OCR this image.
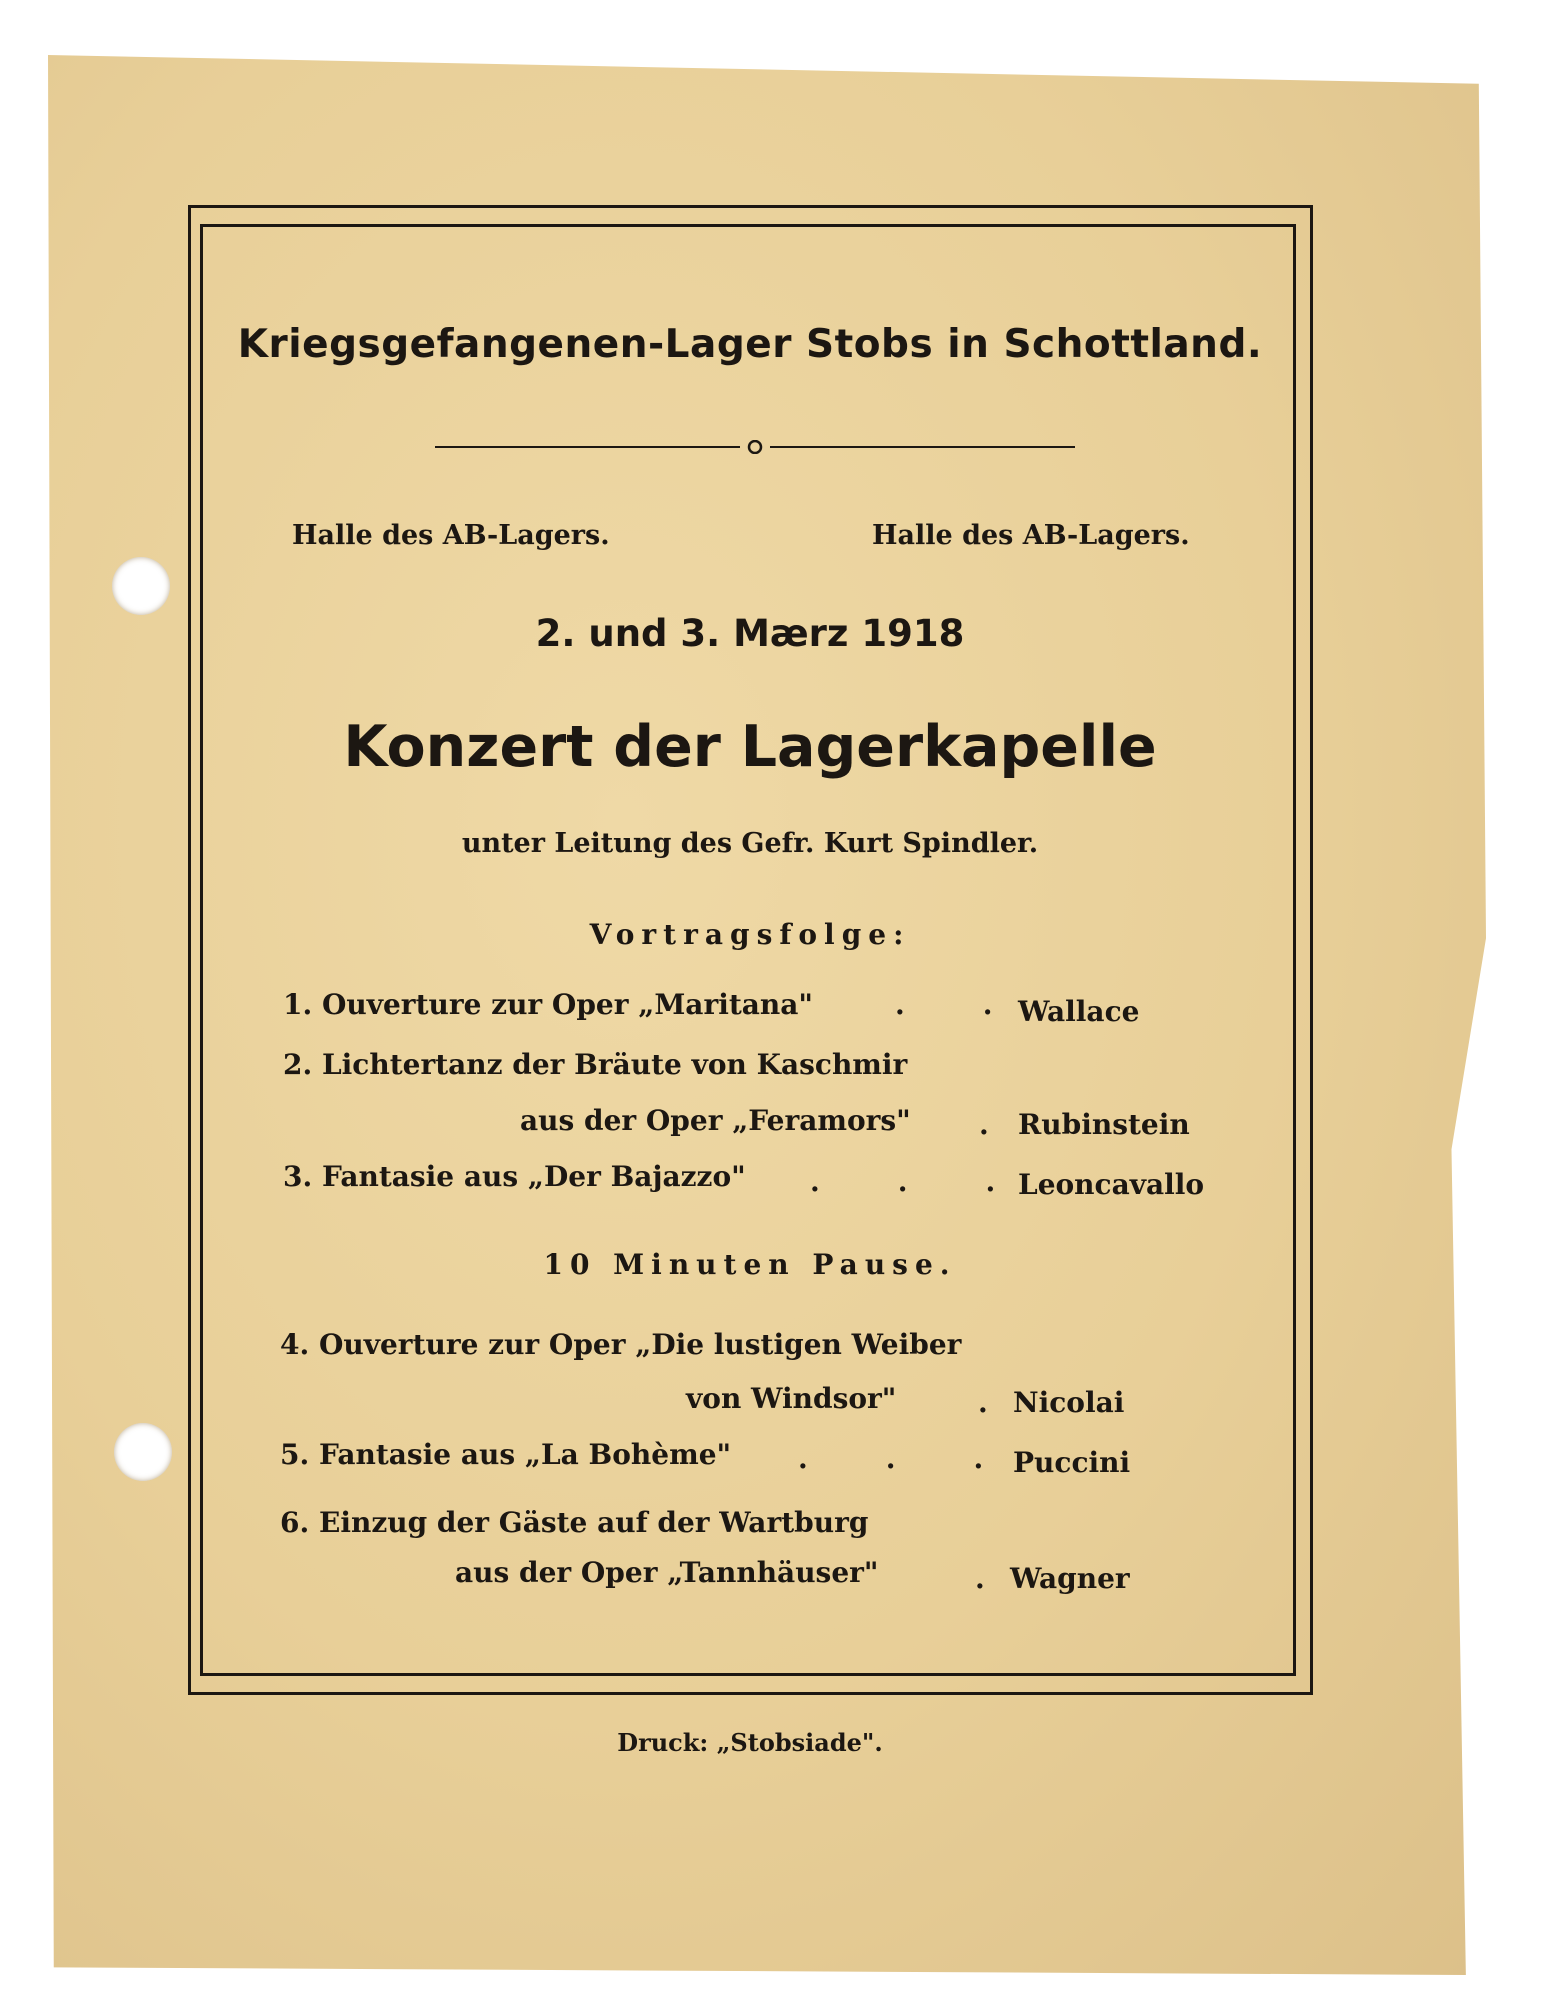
Kriegsgefangenen-Lager Stobs in Schottland.
Halle des AB-Lagers.	Halle des AB-Lagers.
2. und 3. Mærz 1918
Konzert der Lagerkapelle
unter Leitung des Gefr. Kurt Spindler.
Vortragsfolge:
1. Ouverture zur Oper „Maritana"	.        . Wallace
2. Lichtertanz der Bräute von Kaschmir
aus der Oper „Feramors" . Rubinstein
3. Fantasie aus „Der Bajazzo" .        .        . Leoncavallo
10 Minuten Pause.
4. Ouverture zur Oper „Die lustigen Weiber
von Windsor"	. Nicolai
5. Fantasie aus „La Bohème" .        .        . Puccini
6. Einzug der Gäste auf der Wartburg
aus der Oper „Tannhäuser"	. Wagner
Druck: „Stobsiade".
